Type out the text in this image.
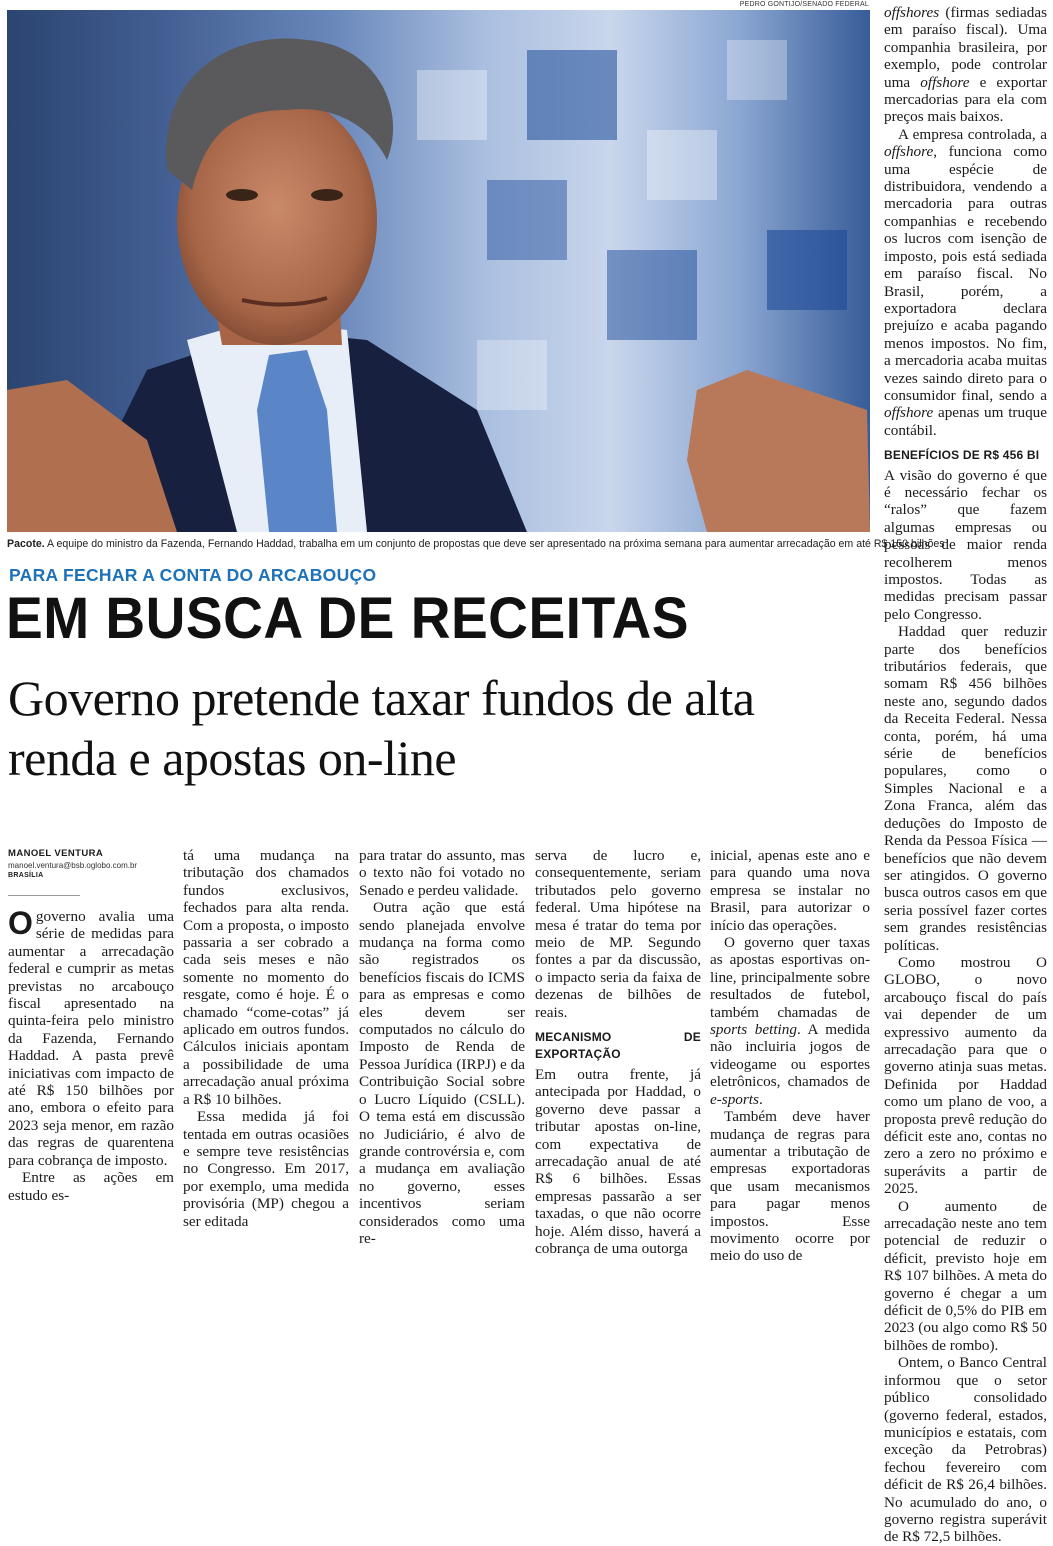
PEDRO GONTIJO/SENADO FEDERAL
Pacote. A equipe do ministro da Fazenda, Fernando Haddad, trabalha em um conjunto de propostas que deve ser apresentado na próxima semana para aumentar arrecadação em até R$ 150 bilhões
PARA FECHAR A CONTA DO ARCABOUÇO
EM BUSCA DE RECEITAS
Governo pretende taxar fundos de alta renda e apostas on-line
MANOEL VENTURA
manoel.ventura@bsb.oglobo.com.br
BRASÍLIA

Ogoverno avalia uma série de medidas para aumentar a arrecadação federal e cumprir as metas previstas no arcabouço fiscal apresentado na quinta-feira pelo ministro da Fazenda, Fernando Haddad. A pasta prevê iniciativas com impacto de até R$ 150 bilhões por ano, embora o efeito para 2023 seja menor, em razão das regras de quarentena para cobrança de imposto.

Entre as ações em estudo es-

tá uma mudança na tributação dos chamados fundos exclusivos, fechados para alta renda. Com a proposta, o imposto passaria a ser cobrado a cada seis meses e não somente no momento do resgate, como é hoje. É o chamado “come-cotas” já aplicado em outros fundos. Cálculos iniciais apontam a possibilidade de uma arrecadação anual próxima a R$ 10 bilhões.

Essa medida já foi tentada em outras ocasiões e sempre teve resistências no Congresso. Em 2017, por exemplo, uma medida provisória (MP) chegou a ser editada

para tratar do assunto, mas o texto não foi votado no Senado e perdeu validade.

Outra ação que está sendo planejada envolve mudança na forma como são registrados os benefícios fiscais do ICMS para as empresas e como eles devem ser computados no cálculo do Imposto de Renda de Pessoa Jurídica (IRPJ) e da Contribuição Social sobre o Lucro Líquido (CSLL). O tema está em discussão no Judiciário, é alvo de grande controvérsia e, com a mudança em avaliação no governo, esses incentivos seriam considerados como uma re-

serva de lucro e, consequentemente, seriam tributados pelo governo federal. Uma hipótese na mesa é tratar do tema por meio de MP. Segundo fontes a par da discussão, o impacto seria da faixa de dezenas de bilhões de reais.

MECANISMO DE EXPORTAÇÃO

Em outra frente, já antecipada por Haddad, o governo deve passar a tributar apostas on-line, com expectativa de arrecadação anual de até R$ 6 bilhões. Essas empresas passarão a ser taxadas, o que não ocorre hoje. Além disso, haverá a cobrança de uma outorga

inicial, apenas este ano e para quando uma nova empresa se instalar no Brasil, para autorizar o início das operações.

O governo quer taxas as apostas esportivas on-line, principalmente sobre resultados de futebol, também chamadas de sports betting. A medida não incluiria jogos de videogame ou esportes eletrônicos, chamados de e-sports.

Também deve haver mudança de regras para aumentar a tributação de empresas exportadoras que usam mecanismos para pagar menos impostos. Esse movimento ocorre por meio do uso de

offshores (firmas sediadas em paraíso fiscal). Uma companhia brasileira, por exemplo, pode controlar uma offshore e exportar mercadorias para ela com preços mais baixos.

A empresa controlada, a offshore, funciona como uma espécie de distribuidora, vendendo a mercadoria para outras companhias e recebendo os lucros com isenção de imposto, pois está sediada em paraíso fiscal. No Brasil, porém, a exportadora declara prejuízo e acaba pagando menos impostos. No fim, a mercadoria acaba muitas vezes saindo direto para o consumidor final, sendo a offshore apenas um truque contábil.

BENEFÍCIOS DE R$ 456 BI

A visão do governo é que é necessário fechar os “ralos” que fazem algumas empresas ou pessoas de maior renda recolherem menos impostos. Todas as medidas precisam passar pelo Congresso.

Haddad quer reduzir parte dos benefícios tributários federais, que somam R$ 456 bilhões neste ano, segundo dados da Receita Federal. Nessa conta, porém, há uma série de benefícios populares, como o Simples Nacional e a Zona Franca, além das deduções do Imposto de Renda da Pessoa Física — benefícios que não devem ser atingidos. O governo busca outros casos em que seria possível fazer cortes sem grandes resistências políticas.

Como mostrou O GLOBO, o novo arcabouço fiscal do país vai depender de um expressivo aumento da arrecadação para que o governo atinja suas metas. Definida por Haddad como um plano de voo, a proposta prevê redução do déficit este ano, contas no zero a zero no próximo e superávits a partir de 2025.

O aumento de arrecadação neste ano tem potencial de reduzir o déficit, previsto hoje em R$ 107 bilhões. A meta do governo é chegar a um déficit de 0,5% do PIB em 2023 (ou algo como R$ 50 bilhões de rombo).

Ontem, o Banco Central informou que o setor público consolidado (governo federal, estados, municípios e estatais, com exceção da Petrobras) fechou fevereiro com déficit de R$ 26,4 bilhões. No acumulado do ano, o governo registra superávit de R$ 72,5 bilhões.
